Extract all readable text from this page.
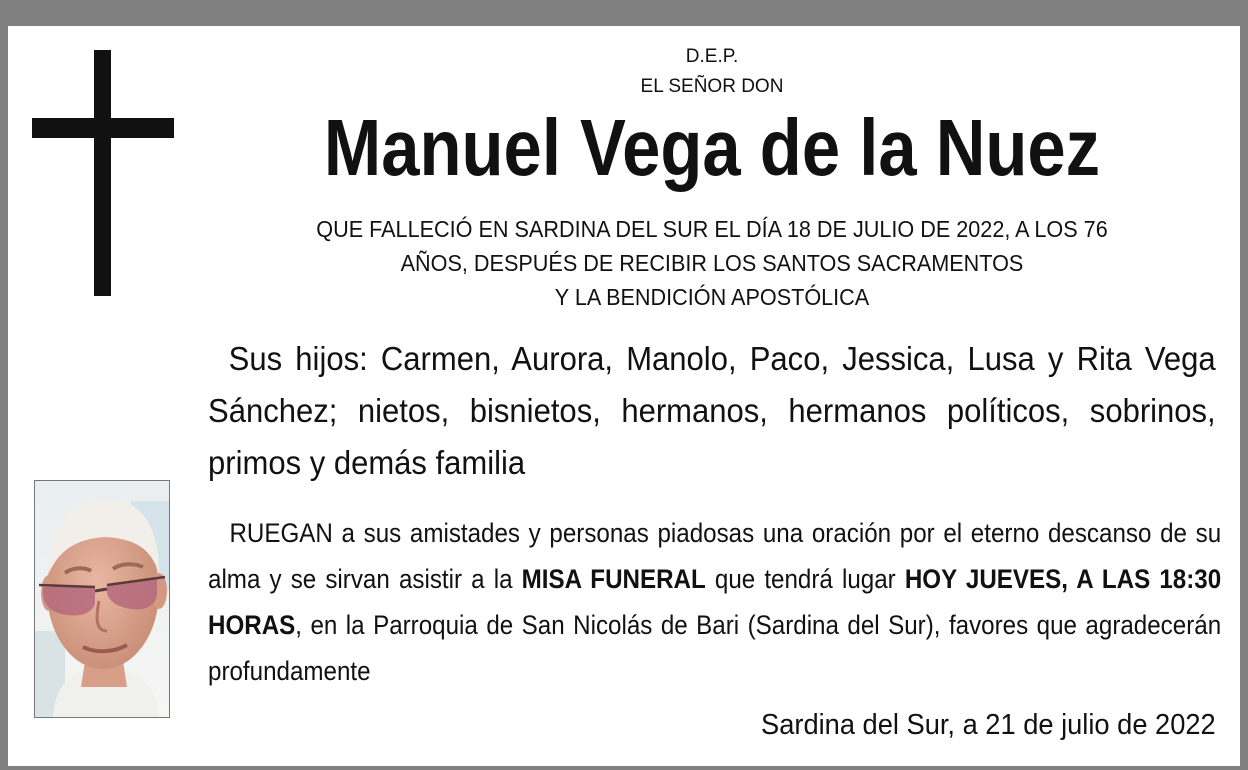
D.E.P.
EL SEÑOR DON
Manuel Vega de la Nuez
QUE FALLECIÓ EN SARDINA DEL SUR EL DÍA 18 DE JULIO DE 2022, A LOS 76
AÑOS, DESPUÉS DE RECIBIR LOS SANTOS SACRAMENTOS
Y LA BENDICIÓN APOSTÓLICA
Sus hijos: Carmen, Aurora, Manolo, Paco, Jessica, Lusa y Rita Vega Sánchez; nietos, bisnietos, hermanos, hermanos políticos, sobrinos, primos y demás familia
RUEGAN a sus amistades y personas piadosas una oración por el eterno descanso de su alma y se sirvan asistir a la MISA FUNERAL que tendrá lugar HOY JUEVES, A LAS 18:30 HORAS, en la Parroquia de San Nicolás de Bari (Sardina del Sur), favores que agradecerán profundamente
Sardina del Sur, a 21 de julio de 2022
